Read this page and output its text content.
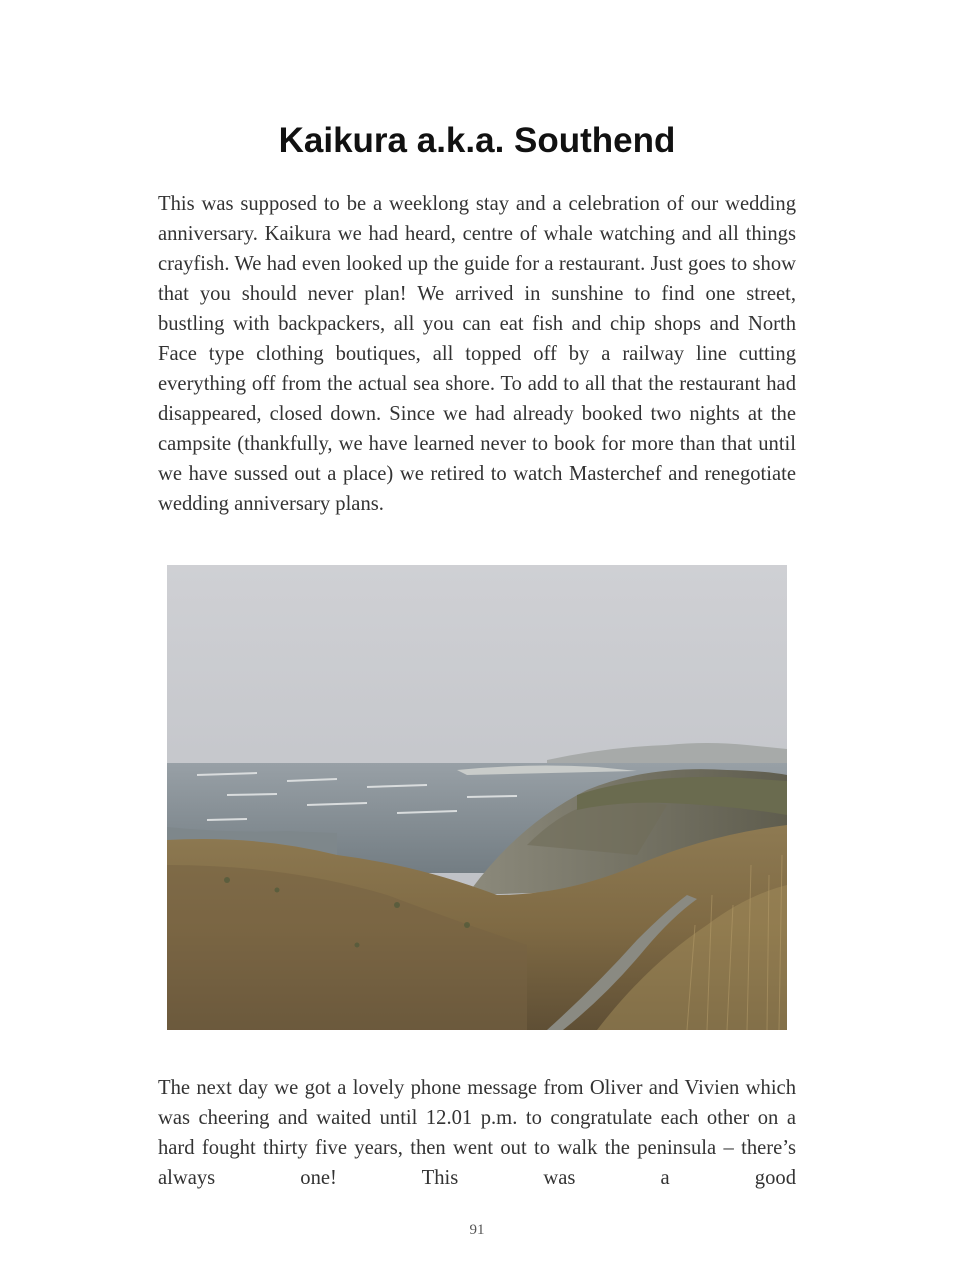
Kaikura a.k.a. Southend

This was supposed to be a weeklong stay and a celebration of our wedding anniversary. Kaikura we had heard, centre of whale watching and all things crayfish. We had even looked up the guide for a restaurant. Just goes to show that you should never plan! We arrived in sunshine to find one street, bustling with backpackers, all you can eat fish and chip shops and North Face type clothing boutiques, all topped off by a railway line cutting everything off from the actual sea shore. To add to all that the restaurant had disappeared, closed down. Since we had already booked two nights at the campsite (thankfully, we have learned never to book for more than that until we have sussed out a place) we retired to watch Masterchef and renegotiate wedding anniversary plans.

The next day we got a lovely phone message from Oliver and Vivien which was cheering and waited until 12.01 p.m. to congratulate each other on a hard fought thirty five years, then went out to walk the peninsula – there’s always one! This was a good

91
